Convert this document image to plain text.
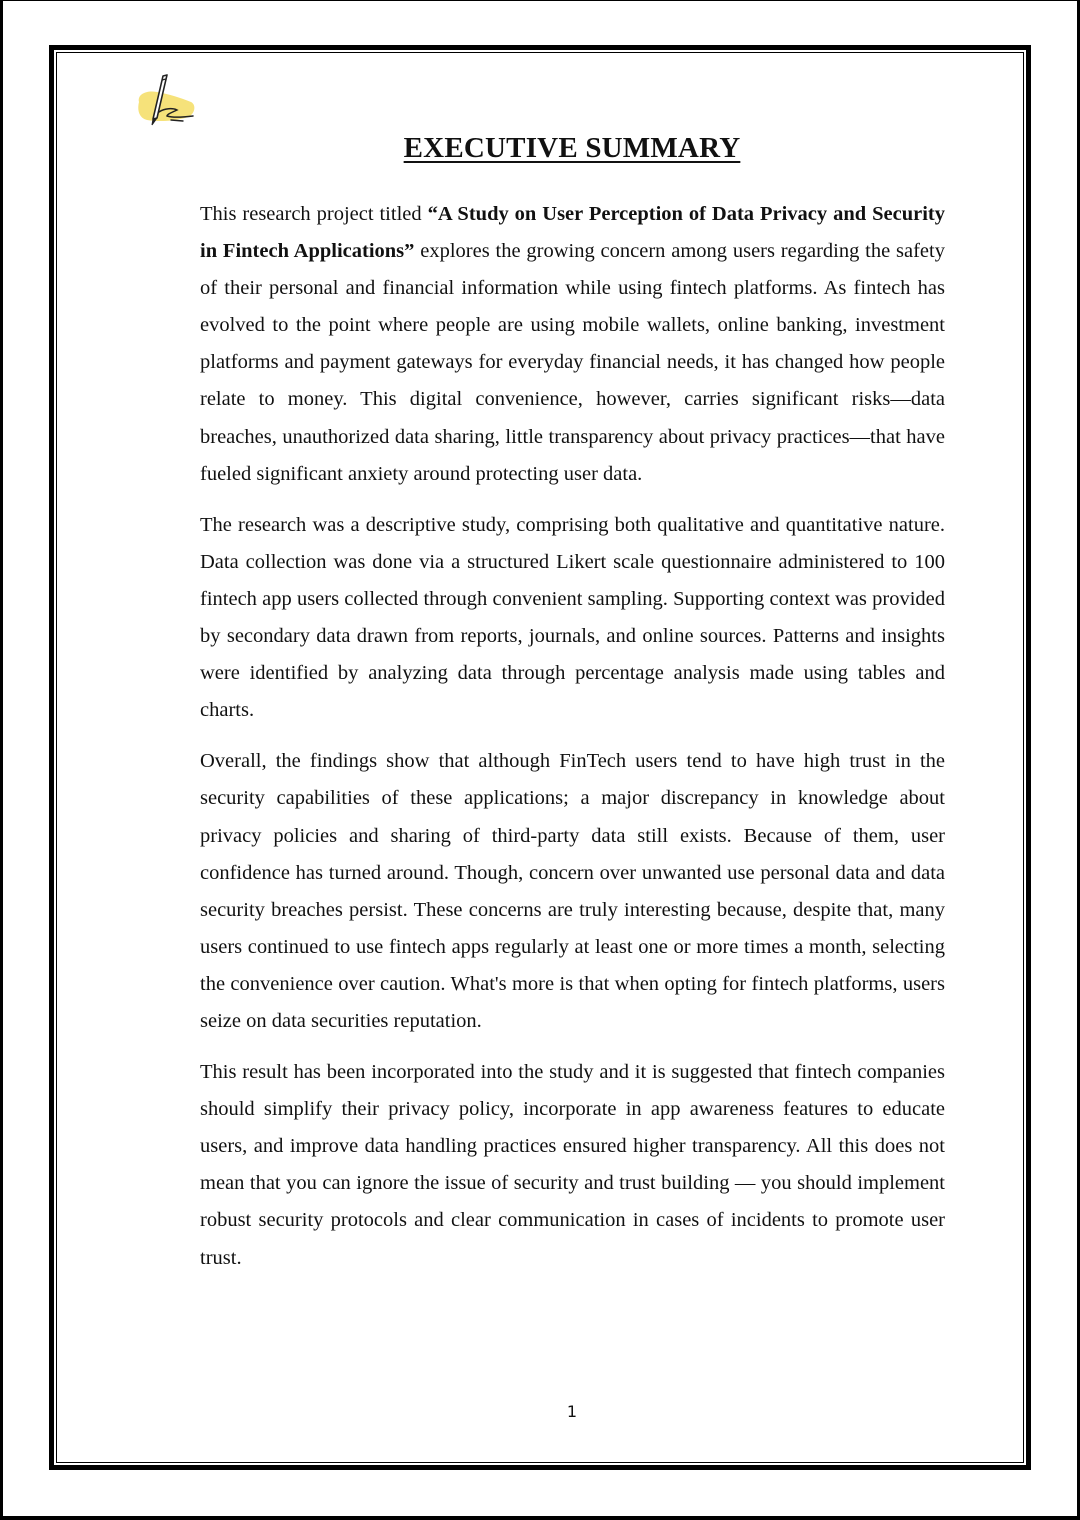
EXECUTIVE SUMMARY

This research project titled “A Study on User Perception of Data Privacy and Security in Fintech Applications” explores the growing concern among users regarding the safety of their personal and financial information while using fintech platforms. As fintech has evolved to the point where people are using mobile wallets, online banking, investment platforms and payment gateways for everyday financial needs, it has changed how people relate to money. This digital convenience, however, carries significant risks—data breaches, unauthorized data sharing, little transparency about privacy practices—that have fueled significant anxiety around protecting user data.

The research was a descriptive study, comprising both qualitative and quantitative nature. Data collection was done via a structured Likert scale questionnaire administered to 100 fintech app users collected through convenient sampling. Supporting context was provided by secondary data drawn from reports, journals, and online sources. Patterns and insights were identified by analyzing data through percentage analysis made using tables and charts.

Overall, the findings show that although FinTech users tend to have high trust in the security capabilities of these applications; a major discrepancy in knowledge about privacy policies and sharing of third-party data still exists. Because of them, user confidence has turned around. Though, concern over unwanted use personal data and data security breaches persist. These concerns are truly interesting because, despite that, many users continued to use fintech apps regularly at least one or more times a month, selecting the convenience over caution. What's more is that when opting for fintech platforms, users seize on data securities reputation.

This result has been incorporated into the study and it is suggested that fintech companies should simplify their privacy policy, incorporate in app awareness features to educate users, and improve data handling practices ensured higher transparency. All this does not mean that you can ignore the issue of security and trust building — you should implement robust security protocols and clear communication in cases of incidents to promote user trust.

1
